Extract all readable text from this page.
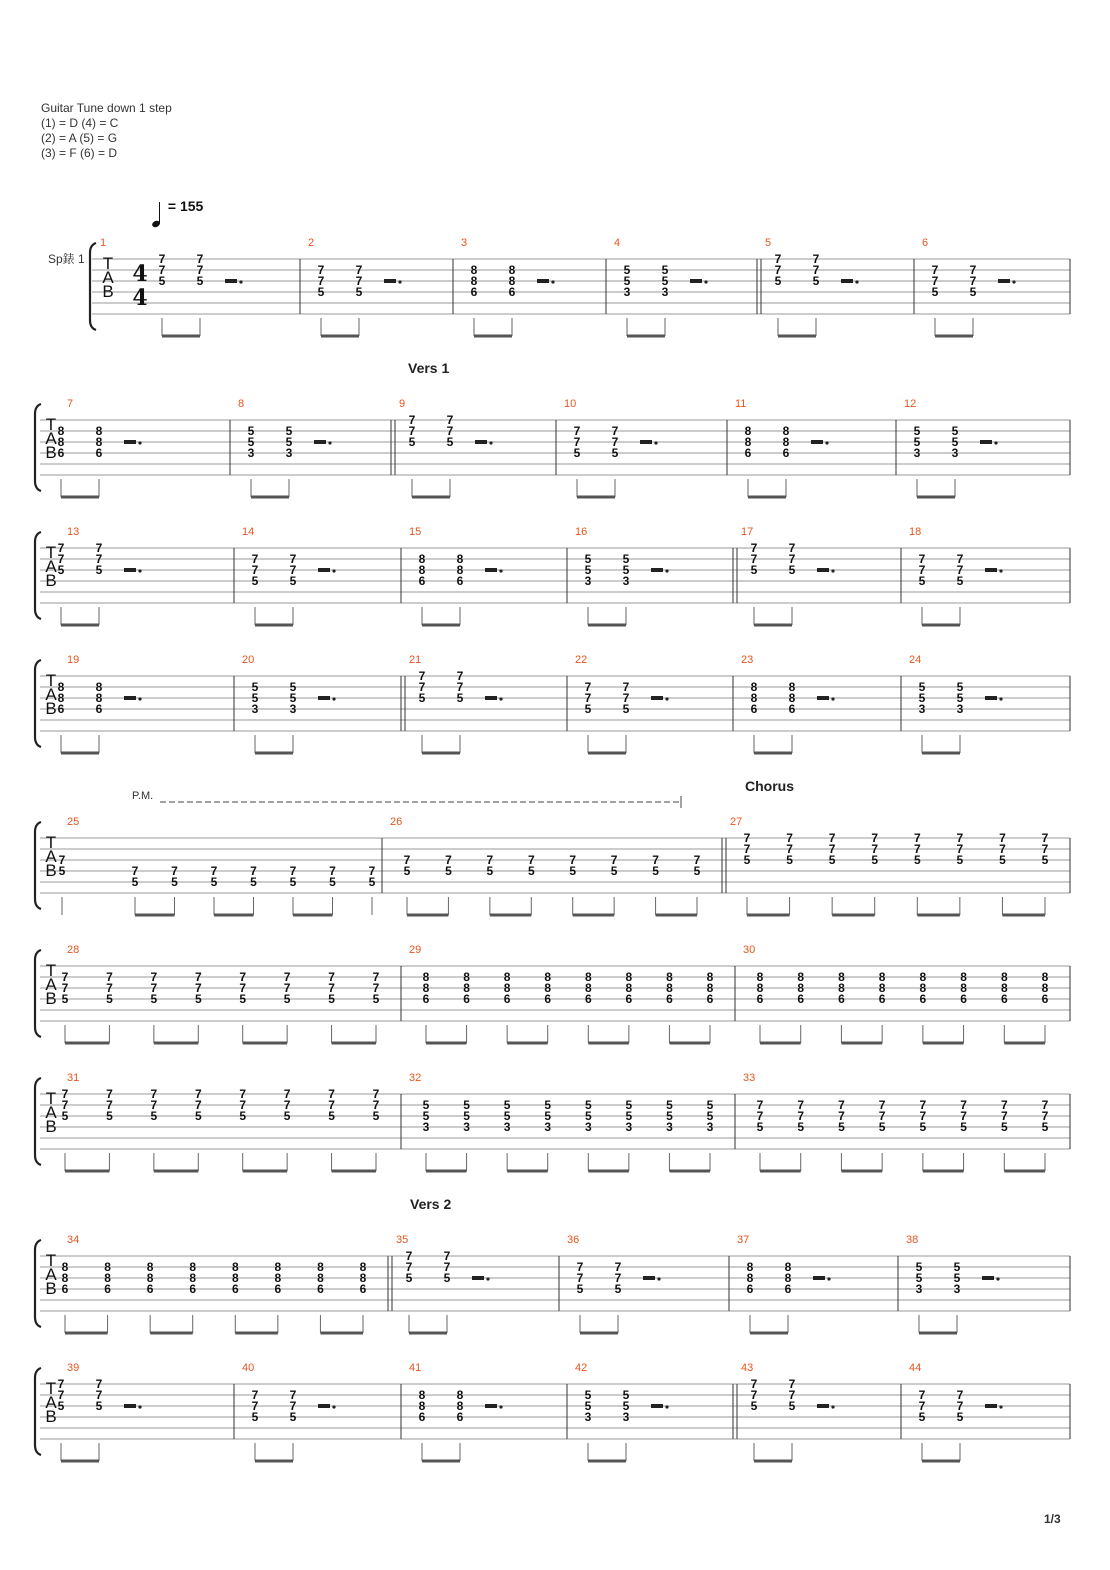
Guitar Tune down 1 step
(1) = D (4) = C
(2) = A (5) = G
(3) = F (6) = D
= 155
Sp錶 1 T
A
B
4
4
1
7
7
5
7
7
5
2
7
7
5
7
7
5
3
8
8
6
8
8
6
4
5
5
3
5
5
3
5
7
7
5
7
7
5
6
7
7
5
7
7
5
T
A
B
Vers 1
7
8
8
6
8
8
6
8
5
5
3
5
5
3
9
7
7
5
7
7
5
10
7
7
5
7
7
5
11
8
8
6
8
8
6
12
5
5
3
5
5
3
T
A
B
13
7
7
5
7
7
5
14
7
7
5
7
7
5
15
8
8
6
8
8
6
16
5
5
3
5
5
3
17
7
7
5
7
7
5
18
7
7
5
7
7
5
T
A
B
19
8
8
6
8
8
6
20
5
5
3
5
5
3
21
7
7
5
7
7
5
22
7
7
5
7
7
5
23
8
8
6
8
8
6
24
5
5
3
5
5
3
T
A
B
Chorus
25
7
5	7
5
7
5
7
5
7
5
7
5
7
5
7
5
P.M.
26
7
5
7
5
7
5
7
5
7
5
7
5
7
5
7
5
27
7
7
5
7
7
5
7
7
5
7
7
5
7
7
5
7
7
5
7
7
5
7
7
5
T
A
B
28
7
7
5
7
7
5
7
7
5
7
7
5
7
7
5
7
7
5
7
7
5
7
7
5
29
8
8
6
8
8
6
8
8
6
8
8
6
8
8
6
8
8
6
8
8
6
8
8
6
30
8
8
6
8
8
6
8
8
6
8
8
6
8
8
6
8
8
6
8
8
6
8
8
6
T
A
B
31
7
7
5
7
7
5
7
7
5
7
7
5
7
7
5
7
7
5
7
7
5
7
7
5
32
5
5
3
5
5
3
5
5
3
5
5
3
5
5
3
5
5
3
5
5
3
5
5
3
33
7
7
5
7
7
5
7
7
5
7
7
5
7
7
5
7
7
5
7
7
5
7
7
5
T
A
B
Vers 2
34
8
8
6
8
8
6
8
8
6
8
8
6
8
8
6
8
8
6
8
8
6
8
8
6
35
7
7
5
7
7
5
36
7
7
5
7
7
5
37
8
8
6
8
8
6
38
5
5
3
5
5
3
T
A
B
39
7
7
5
7
7
5
40
7
7
5
7
7
5
41
8
8
6
8
8
6
42
5
5
3
5
5
3
43
7
7
5
7
7
5
44
7
7
5
7
7
5
1/3
